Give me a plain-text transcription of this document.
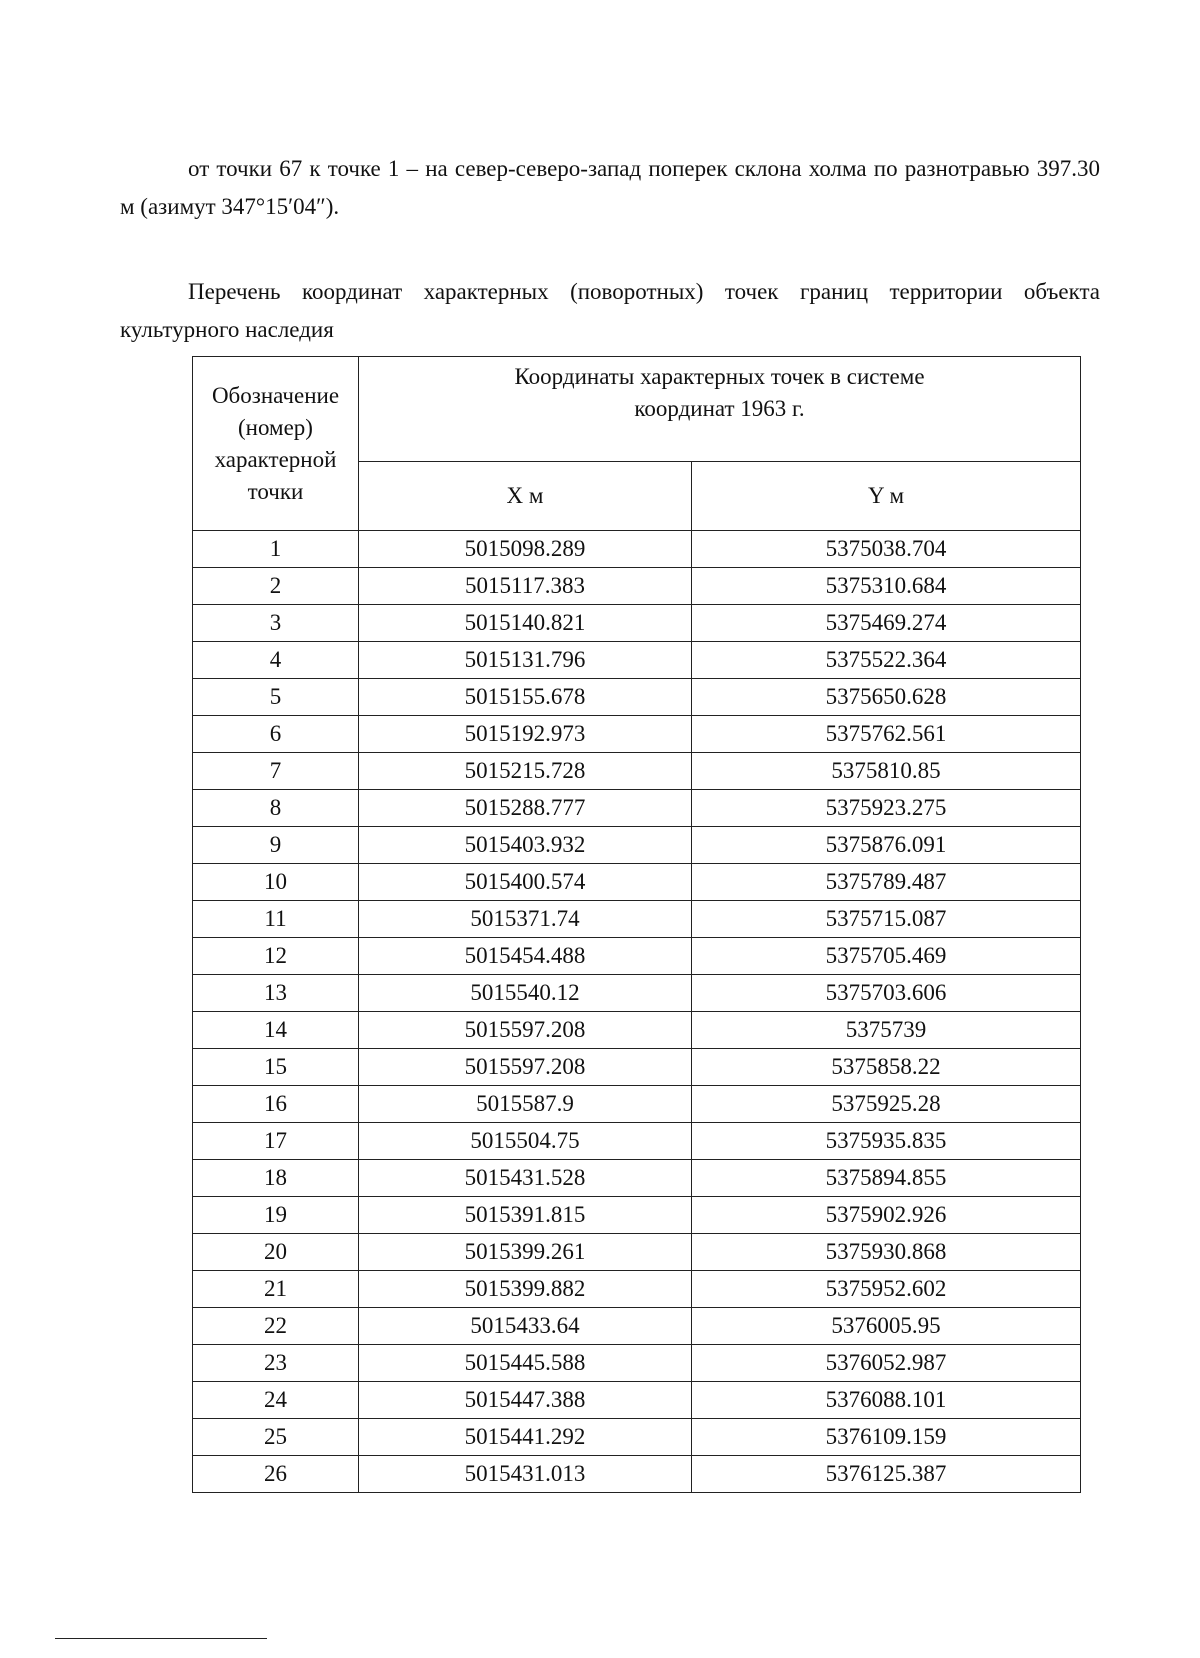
от точки 67 к точке 1 – на север-северо-запад поперек склона холма по разнотравью 397.30 м (азимут 347°15′04″).

Перечень координат характерных (поворотных) точек границ территории объекта культурного наследия

Обозначение (номер) характерной точки	Координаты характерных точек в системе координат 1963 г.	
	X м	Y м
1	5015098.289	5375038.704
2	5015117.383	5375310.684
3	5015140.821	5375469.274
4	5015131.796	5375522.364
5	5015155.678	5375650.628
6	5015192.973	5375762.561
7	5015215.728	5375810.85
8	5015288.777	5375923.275
9	5015403.932	5375876.091
10	5015400.574	5375789.487
11	5015371.74	5375715.087
12	5015454.488	5375705.469
13	5015540.12	5375703.606
14	5015597.208	5375739
15	5015597.208	5375858.22
16	5015587.9	5375925.28
17	5015504.75	5375935.835
18	5015431.528	5375894.855
19	5015391.815	5375902.926
20	5015399.261	5375930.868
21	5015399.882	5375952.602
22	5015433.64	5376005.95
23	5015445.588	5376052.987
24	5015447.388	5376088.101
25	5015441.292	5376109.159
26	5015431.013	5376125.387
